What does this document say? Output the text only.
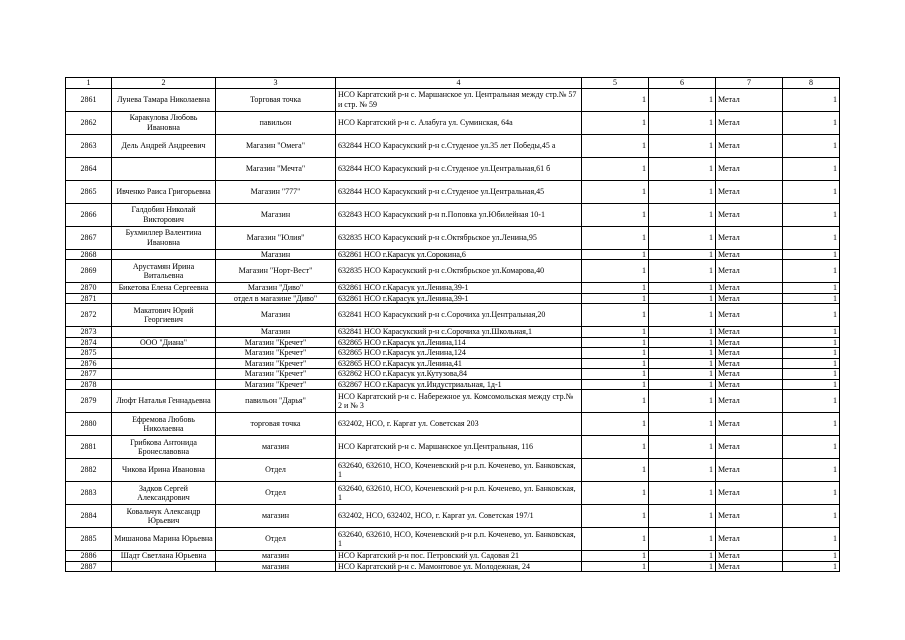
1	2	3	4	5	6	7	8
2861	Лунева Тамара Николаевна	Торговая точка	НСО Каргатский р-н с. Маршанское ул. Центральная между стр.№ 57 и стр. № 59	1	1	Метал	1
2862	Каракулова Любовь Ивановна	павильон	НСО Каргатский р-н с. Алабуга ул. Суминская, 64а	1	1	Метал	1
2863	Дель Андрей Андреевич	Магазин "Омега"	632844 НСО Карасукский р-н с.Студеное ул.35 лет Победы,45 а	1	1	Метал	1
2864		Магазин "Мечта"	632844 НСО Карасукский р-н с.Студеное ул.Центральная,61 б	1	1	Метал	1
2865	Ивченко Раиса Григорьевна	Магазин "777"	632844 НСО Карасукский р-н с.Студеное ул.Центральная,45	1	1	Метал	1
2866	Галдобин Николай Викторович	Магазин	632843 НСО Карасукский р-н п.Поповка ул.Юбилейная 10-1	1	1	Метал	1
2867	Бухмиллер Валентина Ивановна	Магазин "Юлия"	632835 НСО Карасукский р-н с.Октябрьское ул.Ленина,95	1	1	Метал	1
2868		Магазин	632861 НСО г.Карасук ул.Сорокина,6	1	1	Метал	1
2869	Арустамян Ирина Витальевна	Магазин "Норт-Вест"	632835 НСО Карасукский р-н с.Октябрьское ул.Комарова,40	1	1	Метал	1
2870	Бикетова Елена Сергеевна	Магазин "Диво"	632861 НСО г.Карасук ул.Ленина,39-1	1	1	Метал	1
2871		отдел в магазине "Диво"	632861 НСО г.Карасук ул.Ленина,39-1	1	1	Метал	1
2872	Макатович Юрий Георгиевич	Магазин	632841 НСО Карасукский р-н с.Сорочиха ул.Центральная,20	1	1	Метал	1
2873		Магазин	632841 НСО Карасукский р-н с.Сорочиха ул.Школьная,1	1	1	Метал	1
2874	ООО "Диана"	Магазин "Кречет"	632865 НСО г.Карасук ул.Ленина,114	1	1	Метал	1
2875		Магазин "Кречет"	632865 НСО г.Карасук ул.Ленина,124	1	1	Метал	1
2876		Магазин "Кречет"	632865 НСО г.Карасук ул.Ленина,41	1	1	Метал	1
2877		Магазин "Кречет"	632862 НСО г.Карасук ул.Кутузова,84	1	1	Метал	1
2878		Магазин "Кречет"	632867 НСО г.Карасук ул.Индустриальная, 1д-1	1	1	Метал	1
2879	Люфт Наталья Геннадьевна	павильон "Дарья"	НСО Каргатский р-н с. Набережное ул. Комсомольская между стр.№ 2 и № 3	1	1	Метал	1
2880	Ефремова Любовь Николаевна	торговая точка	632402, НСО, г. Каргат ул. Советская 203	1	1	Метал	1
2881	Грибкова Антонида Бронеславовна	магазин	НСО Каргатский р-н с. Маршанское ул.Центральная, 116	1	1	Метал	1
2882	Чикова Ирина Ивановна	Отдел	632640, 632610, НСО, Коченевский р-н р.п. Коченево, ул. Банковская, 1	1	1	Метал	1
2883	Задков Сергей Александрович	Отдел	632640, 632610, НСО, Коченевский р-н р.п. Коченево, ул. Банковская, 1	1	1	Метал	1
2884	Ковальчук Александр Юрьевич	магазин	632402, НСО, 632402, НСО, г. Каргат ул. Советская 197/1	1	1	Метал	1
2885	Мишанова Марина Юрьевна	Отдел	632640, 632610, НСО, Коченевский р-н р.п. Коченево, ул. Банковская, 1	1	1	Метал	1
2886	Шадт Светлана Юрьевна	магазин	НСО Каргатский р-н пос. Петровский ул. Садовая 21	1	1	Метал	1
2887		магазин	НСО Каргатский р-н с. Мамонтовое ул. Молодежная, 24	1	1	Метал	1
